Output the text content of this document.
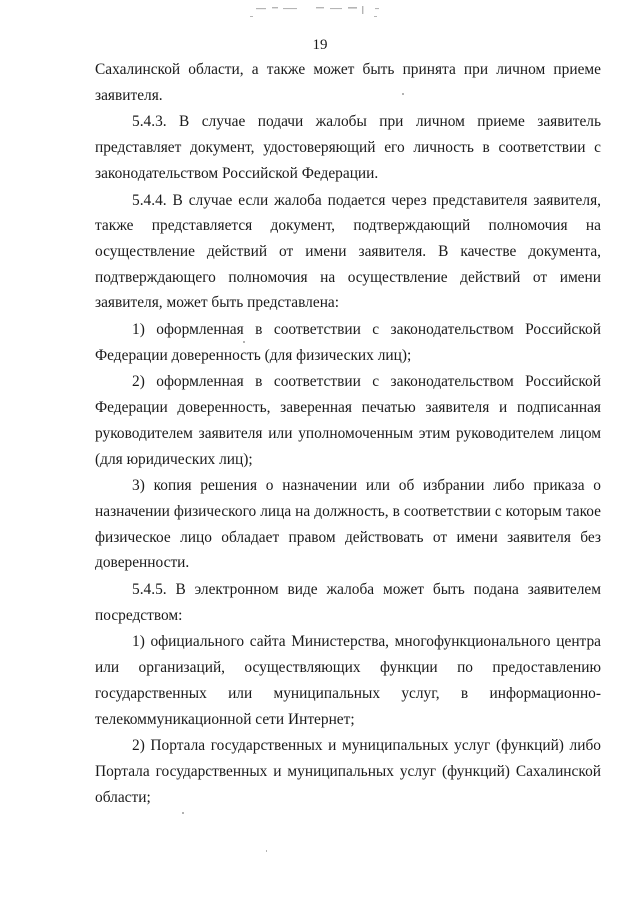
19

Сахалинской области, а также может быть принята при личном приеме заявителя.

5.4.3. В случае подачи жалобы при личном приеме заявитель представляет документ, удостоверяющий его личность в соответствии с законодательством Российской Федерации.

5.4.4. В случае если жалоба подается через представителя заявителя, также представляется документ, подтверждающий полномочия на осуществление действий от имени заявителя. В качестве документа, подтверждающего полномочия на осуществление действий от имени заявителя, может быть представлена:

1) оформленная в соответствии с законодательством Российской Федерации доверенность (для физических лиц);

2) оформленная в соответствии с законодательством Российской Федерации доверенность, заверенная печатью заявителя и подписанная руководителем заявителя или уполномоченным этим руководителем лицом (для юридических лиц);

3) копия решения о назначении или об избрании либо приказа о назначении физического лица на должность, в соответствии с которым такое физическое лицо обладает правом действовать от имени заявителя без доверенности.

5.4.5. В электронном виде жалоба может быть подана заявителем посредством:

1) официального сайта Министерства, многофункционального центра или организаций, осуществляющих функции по предоставлению государственных или муниципальных услуг, в информационно-телекоммуникационной сети Интернет;

2) Портала государственных и муниципальных услуг (функций) либо Портала государственных и муниципальных услуг (функций) Сахалинской области;
